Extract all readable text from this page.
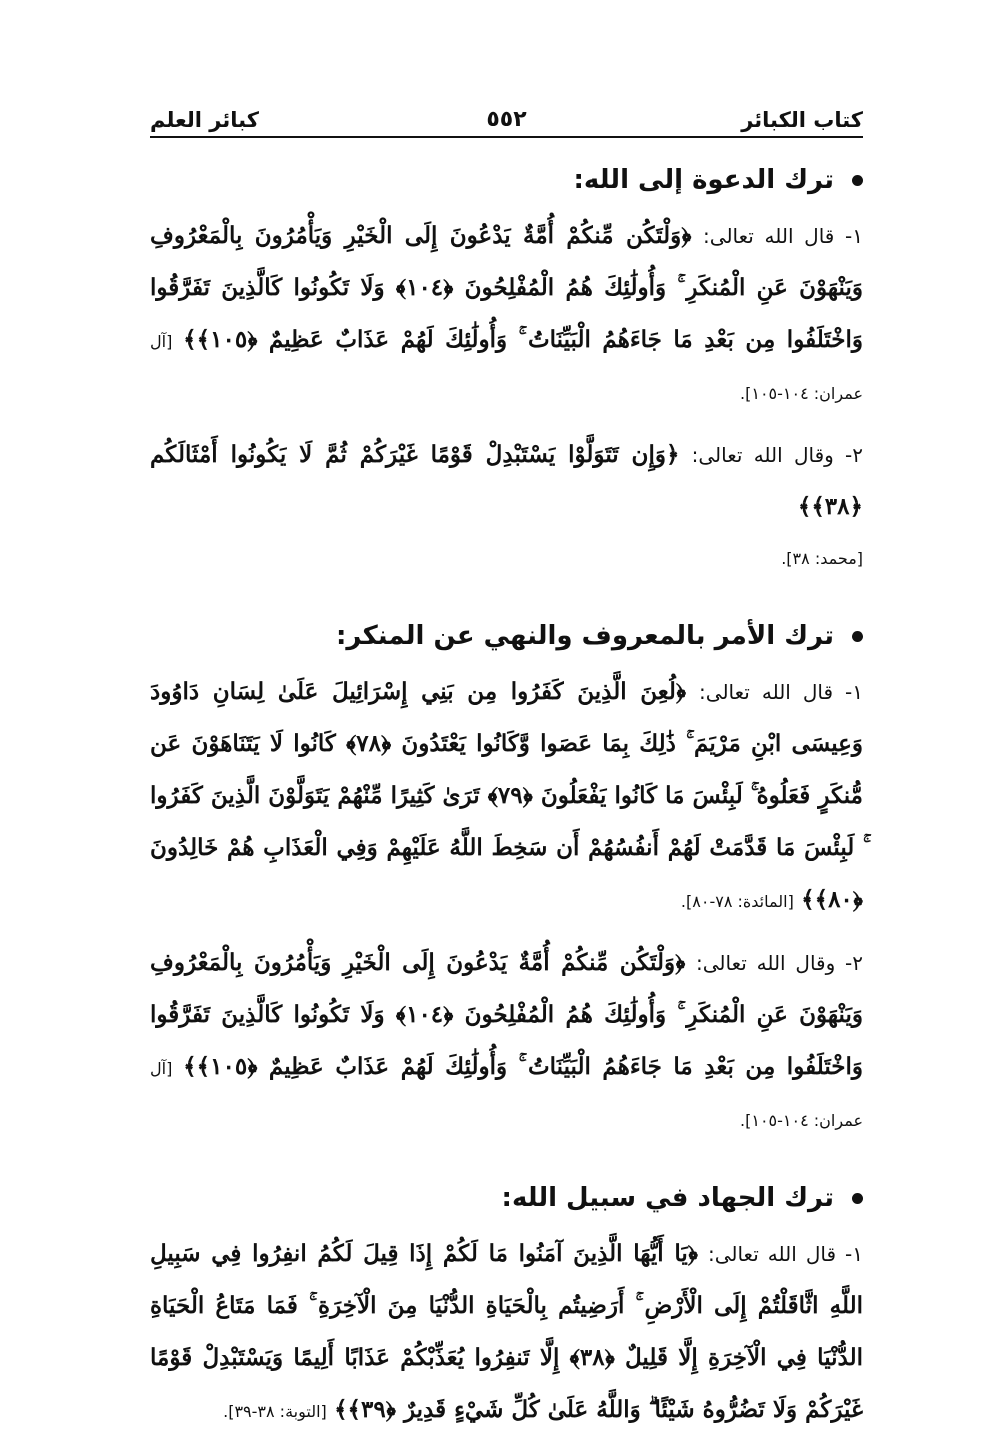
كتاب الكبائر
٥٥٢
كبائر العلم
ترك الدعوة إلى الله:

١- قال الله تعالى: ﴿وَلْتَكُن مِّنكُمْ أُمَّةٌ يَدْعُونَ إِلَى الْخَيْرِ وَيَأْمُرُونَ بِالْمَعْرُوفِ وَيَنْهَوْنَ عَنِ الْمُنكَرِ ۚ وَأُولَٰئِكَ هُمُ الْمُفْلِحُونَ ﴿١٠٤﴾ وَلَا تَكُونُوا كَالَّذِينَ تَفَرَّقُوا وَاخْتَلَفُوا مِن بَعْدِ مَا جَاءَهُمُ الْبَيِّنَاتُ ۚ وَأُولَٰئِكَ لَهُمْ عَذَابٌ عَظِيمٌ ﴿١٠٥﴾﴾ [آل عمران: ١٠٤-١٠٥].

٢- وقال الله تعالى: ﴿وَإِن تَتَوَلَّوْا يَسْتَبْدِلْ قَوْمًا غَيْرَكُمْ ثُمَّ لَا يَكُونُوا أَمْثَالَكُم ﴿٣٨﴾﴾
[محمد: ٣٨].

ترك الأمر بالمعروف والنهي عن المنكر:

١- قال الله تعالى: ﴿لُعِنَ الَّذِينَ كَفَرُوا مِن بَنِي إِسْرَائِيلَ عَلَىٰ لِسَانِ دَاوُودَ وَعِيسَى ابْنِ مَرْيَمَ ۚ ذَٰلِكَ بِمَا عَصَوا وَّكَانُوا يَعْتَدُونَ ﴿٧٨﴾ كَانُوا لَا يَتَنَاهَوْنَ عَن مُّنكَرٍ فَعَلُوهُ ۚ لَبِئْسَ مَا كَانُوا يَفْعَلُونَ ﴿٧٩﴾ تَرَىٰ كَثِيرًا مِّنْهُمْ يَتَوَلَّوْنَ الَّذِينَ كَفَرُوا ۚ لَبِئْسَ مَا قَدَّمَتْ لَهُمْ أَنفُسُهُمْ أَن سَخِطَ اللَّهُ عَلَيْهِمْ وَفِي الْعَذَابِ هُمْ خَالِدُونَ ﴿٨٠﴾﴾ [المائدة: ٧٨-٨٠].

٢- وقال الله تعالى: ﴿وَلْتَكُن مِّنكُمْ أُمَّةٌ يَدْعُونَ إِلَى الْخَيْرِ وَيَأْمُرُونَ بِالْمَعْرُوفِ وَيَنْهَوْنَ عَنِ الْمُنكَرِ ۚ وَأُولَٰئِكَ هُمُ الْمُفْلِحُونَ ﴿١٠٤﴾ وَلَا تَكُونُوا كَالَّذِينَ تَفَرَّقُوا وَاخْتَلَفُوا مِن بَعْدِ مَا جَاءَهُمُ الْبَيِّنَاتُ ۚ وَأُولَٰئِكَ لَهُمْ عَذَابٌ عَظِيمٌ ﴿١٠٥﴾﴾ [آل عمران: ١٠٤-١٠٥].

ترك الجهاد في سبيل الله:

١- قال الله تعالى: ﴿يَا أَيُّهَا الَّذِينَ آمَنُوا مَا لَكُمْ إِذَا قِيلَ لَكُمُ انفِرُوا فِي سَبِيلِ اللَّهِ اثَّاقَلْتُمْ إِلَى الْأَرْضِ ۚ أَرَضِيتُم بِالْحَيَاةِ الدُّنْيَا مِنَ الْآخِرَةِ ۚ فَمَا مَتَاعُ الْحَيَاةِ الدُّنْيَا فِي الْآخِرَةِ إِلَّا قَلِيلٌ ﴿٣٨﴾ إِلَّا تَنفِرُوا يُعَذِّبْكُمْ عَذَابًا أَلِيمًا وَيَسْتَبْدِلْ قَوْمًا غَيْرَكُمْ وَلَا تَضُرُّوهُ شَيْئًا ۗ وَاللَّهُ عَلَىٰ كُلِّ شَيْءٍ قَدِيرٌ ﴿٣٩﴾﴾ [التوبة: ٣٨-٣٩].
